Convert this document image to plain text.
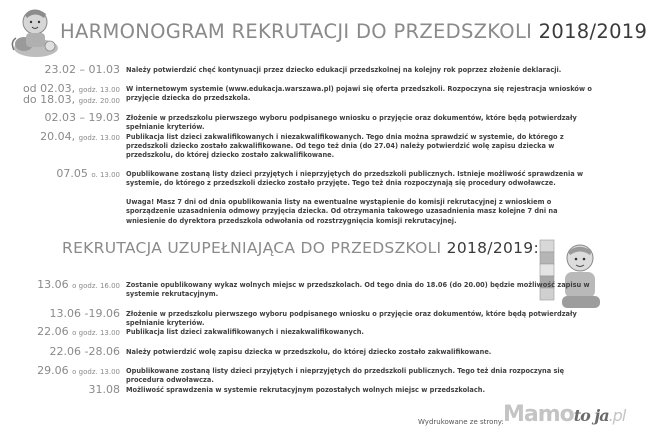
HARMONOGRAM REKRUTACJI DO PRZEDSZKOLI 2018/2019
23.02 – 01.03 Należy potwierdzić chęć kontynuacji przez dziecko edukacji przedszkolnej na kolejny rok poprzez złożenie deklaracji.
od 02.03, godz. 13.00
do 18.03, godz. 20.00
W internetowym systemie (www.edukacja.warszawa.pl) pojawi się oferta przedszkoli. Rozpoczyna się rejestracja wniosków o przyjęcie dziecka do przedszkola.
02.03 – 19.03 Złożenie w przedszkolu pierwszego wyboru podpisanego wniosku o przyjęcie oraz dokumentów, które będą potwierdzały spełnianie kryteriów.
20.04, godz. 13.00 Publikacja list dzieci zakwalifikowanych i niezakwalifikowanych. Tego dnia można sprawdzić w systemie, do którego z przedszkoli dziecko zostało zakwalifikowane. Od tego też dnia (do 27.04) należy potwierdzić wolę zapisu dziecka w przedszkolu, do której dziecko zostało zakwalifikowane.
07.05 o. 13.00 Opublikowane zostaną listy dzieci przyjętych i nieprzyjętych do przedszkoli publicznych. Istnieje możliwość sprawdzenia w systemie, do którego z przedszkoli dziecko zostało przyjęte. Tego też dnia rozpoczynają się procedury odwoławcze.
Uwaga! Masz 7 dni od dnia opublikowania listy na ewentualne wystąpienie do komisji rekrutacyjnej z wnioskiem o sporządzenie uzasadnienia odmowy przyjęcia dziecka. Od otrzymania takowego uzasadnienia masz kolejne 7 dni na wniesienie do dyrektora przedszkola odwołania od rozstrzygnięcia komisji rekrutacyjnej.
REKRUTACJA UZUPEŁNIAJĄCA DO PRZEDSZKOLI 2018/2019:
13.06 o godz. 16.00 Zostanie opublikowany wykaz wolnych miejsc w przedszkolach. Od tego dnia do 18.06 (do 20.00) będzie możliwość zapisu w systemie rekrutacyjnym.
13.06 -19.06 Złożenie w przedszkolu pierwszego wyboru podpisanego wniosku o przyjęcie oraz dokumentów, które będą potwierdzały spełnianie kryteriów.
22.06 o godz. 13.00 Publikacja list dzieci zakwalifikowanych i niezakwalifikowanych.
22.06 -28.06 Należy potwierdzić wolę zapisu dziecka w przedszkolu, do której dziecko zostało zakwalifikowane.
29.06 o godz. 13.00 Opublikowane zostaną listy dzieci przyjętych i nieprzyjętych do przedszkoli publicznych. Tego też dnia rozpoczyna się procedura odwoławcza.
31.08 Możliwość sprawdzenia w systemie rekrutacyjnym pozostałych wolnych miejsc w przedszkolach.
Wydrukowane ze strony: Mamoto ja.pl
